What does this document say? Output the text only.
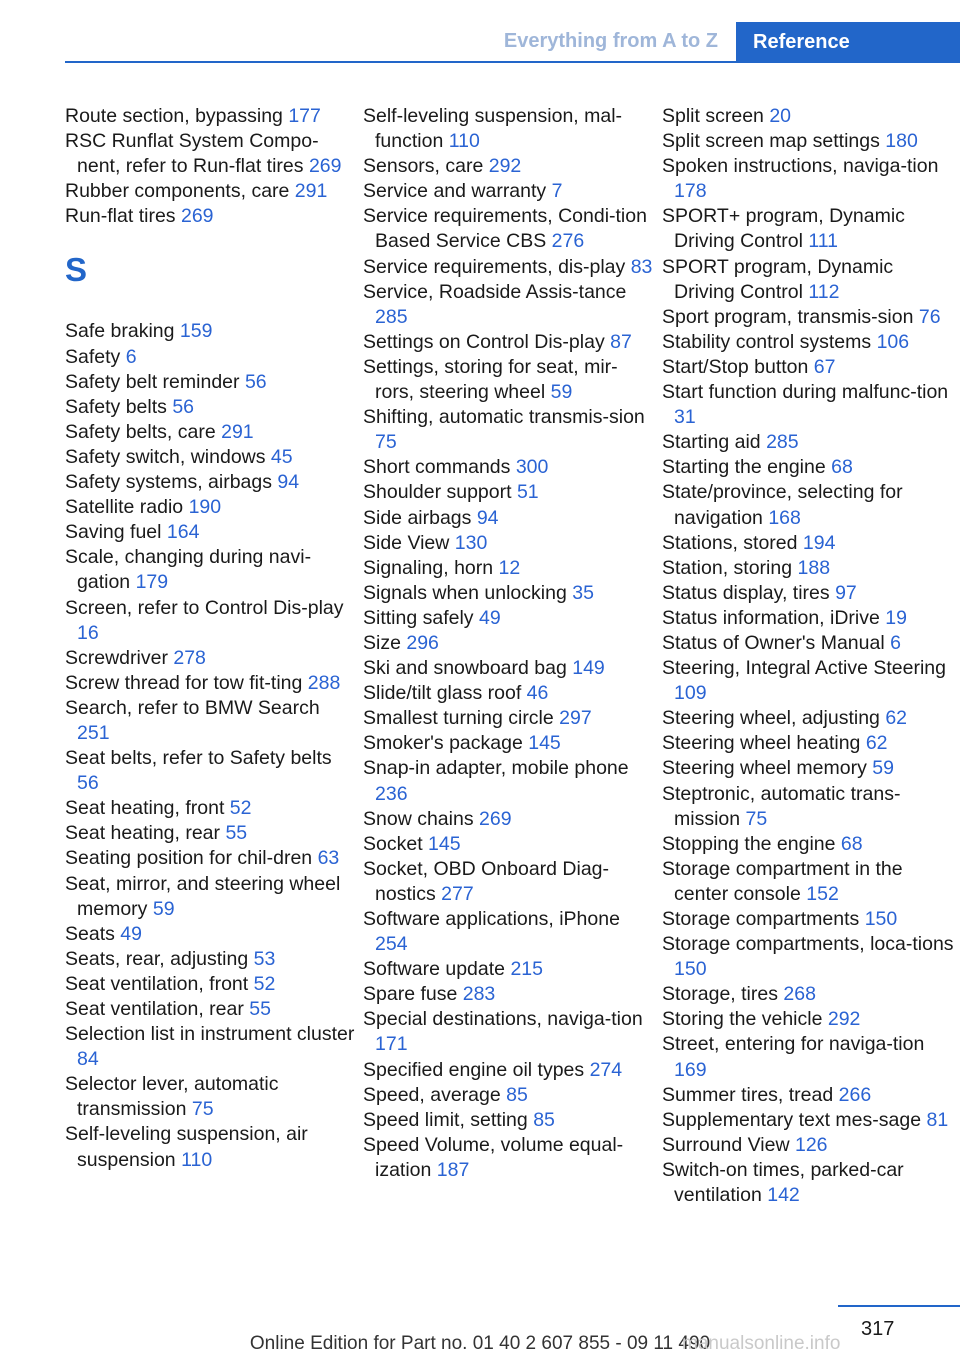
Everything from A to Z	Reference
Route section, bypassing 177
RSC Runflat System Compo‐nent, refer to Run-flat tires 269
Rubber components, care 291
Run-flat tires 269
S
Safe braking 159
Safety 6
Safety belt reminder 56
Safety belts 56
Safety belts, care 291
Safety switch, windows 45
Safety systems, airbags 94
Satellite radio 190
Saving fuel 164
Scale, changing during navi‐gation 179
Screen, refer to Control Dis‐play 16
Screwdriver 278
Screw thread for tow fit‐ting 288
Search, refer to BMW Search 251
Seat belts, refer to Safety belts 56
Seat heating, front 52
Seat heating, rear 55
Seating position for chil‐dren 63
Seat, mirror, and steering wheel memory 59
Seats 49
Seats, rear, adjusting 53
Seat ventilation, front 52
Seat ventilation, rear 55
Selection list in instrument cluster 84
Selector lever, automatic transmission 75
Self-leveling suspension, air suspension 110
Self-leveling suspension, mal‐function 110
Sensors, care 292
Service and warranty 7
Service requirements, Condi‐tion Based Service CBS 276
Service requirements, dis‐play 83
Service, Roadside Assis‐tance 285
Settings on Control Dis‐play 87
Settings, storing for seat, mir‐rors, steering wheel 59
Shifting, automatic transmis‐sion 75
Short commands 300
Shoulder support 51
Side airbags 94
Side View 130
Signaling, horn 12
Signals when unlocking 35
Sitting safely 49
Size 296
Ski and snowboard bag 149
Slide/tilt glass roof 46
Smallest turning circle 297
Smoker's package 145
Snap-in adapter, mobile phone 236
Snow chains 269
Socket 145
Socket, OBD Onboard Diag‐nostics 277
Software applications, iPhone 254
Software update 215
Spare fuse 283
Special destinations, naviga‐tion 171
Specified engine oil types 274
Speed, average 85
Speed limit, setting 85
Speed Volume, volume equal‐ization 187
Split screen 20
Split screen map settings 180
Spoken instructions, naviga‐tion 178
SPORT+ program, Dynamic Driving Control 111
SPORT program, Dynamic Driving Control 112
Sport program, transmis‐sion 76
Stability control systems 106
Start/Stop button 67
Start function during malfunc‐tion 31
Starting aid 285
Starting the engine 68
State/province, selecting for navigation 168
Stations, stored 194
Station, storing 188
Status display, tires 97
Status information, iDrive 19
Status of Owner's Manual 6
Steering, Integral Active Steering 109
Steering wheel, adjusting 62
Steering wheel heating 62
Steering wheel memory 59
Steptronic, automatic trans‐mission 75
Stopping the engine 68
Storage compartment in the center console 152
Storage compartments 150
Storage compartments, loca‐tions 150
Storage, tires 268
Storing the vehicle 292
Street, entering for naviga‐tion 169
Summer tires, tread 266
Supplementary text mes‐sage 81
Surround View 126
Switch-on times, parked-car ventilation 142
317
Online Edition for Part no. 01 40 2 607 855 - 09 11 490
manualsonline.info
